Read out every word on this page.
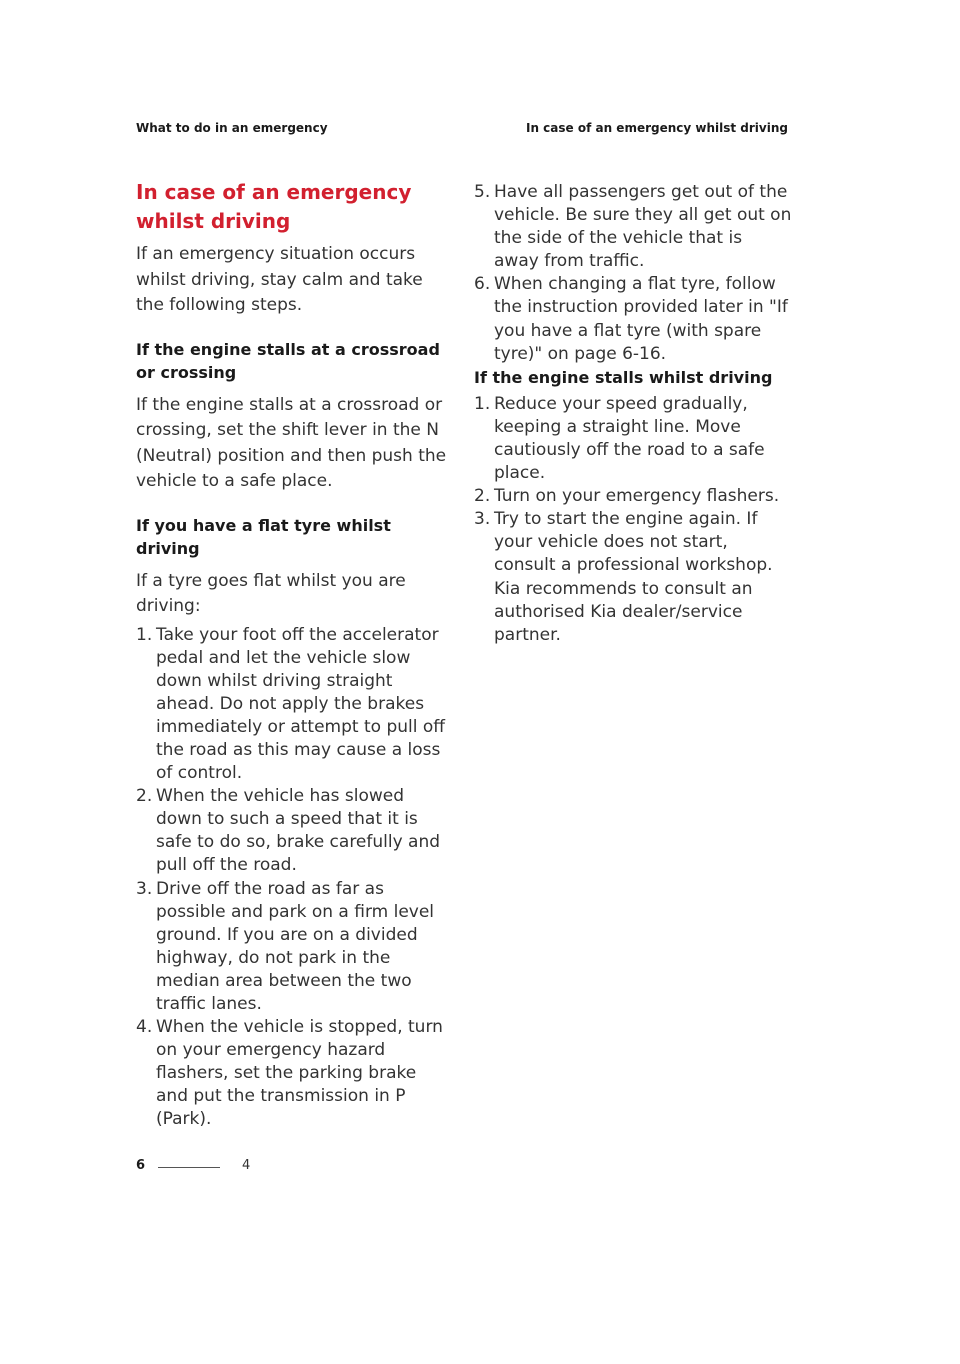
What to do in an emergency	In case of an emergency whilst driving
In case of an emergency whilst driving

If an emergency situation occurs whilst driving, stay calm and take the following steps.

If the engine stalls at a crossroad or crossing

If the engine stalls at a crossroad or crossing, set the shift lever in the N (Neutral) position and then push the vehicle to a safe place.

If you have a flat tyre whilst driving

If a tyre goes flat whilst you are driving:

1. Take your foot off the accelerator pedal and let the vehicle slow down whilst driving straight ahead. Do not apply the brakes immediately or attempt to pull off the road as this may cause a loss of control.
2. When the vehicle has slowed down to such a speed that it is safe to do so, brake carefully and pull off the road.
3. Drive off the road as far as possible and park on a firm level ground. If you are on a divided highway, do not park in the median area between the two traffic lanes.
4. When the vehicle is stopped, turn on your emergency hazard flashers, set the parking brake and put the transmission in P (Park).
5. Have all passengers get out of the vehicle. Be sure they all get out on the side of the vehicle that is away from traffic.
6. When changing a flat tyre, follow the instruction provided later in "If you have a flat tyre (with spare tyre)" on page 6-16.
If the engine stalls whilst driving
1. Reduce your speed gradually, keeping a straight line. Move cautiously off the road to a safe place.
2. Turn on your emergency flashers.
3. Try to start the engine again. If your vehicle does not start, consult a professional workshop. Kia recommends to consult an authorised Kia dealer/service partner.
6	4
